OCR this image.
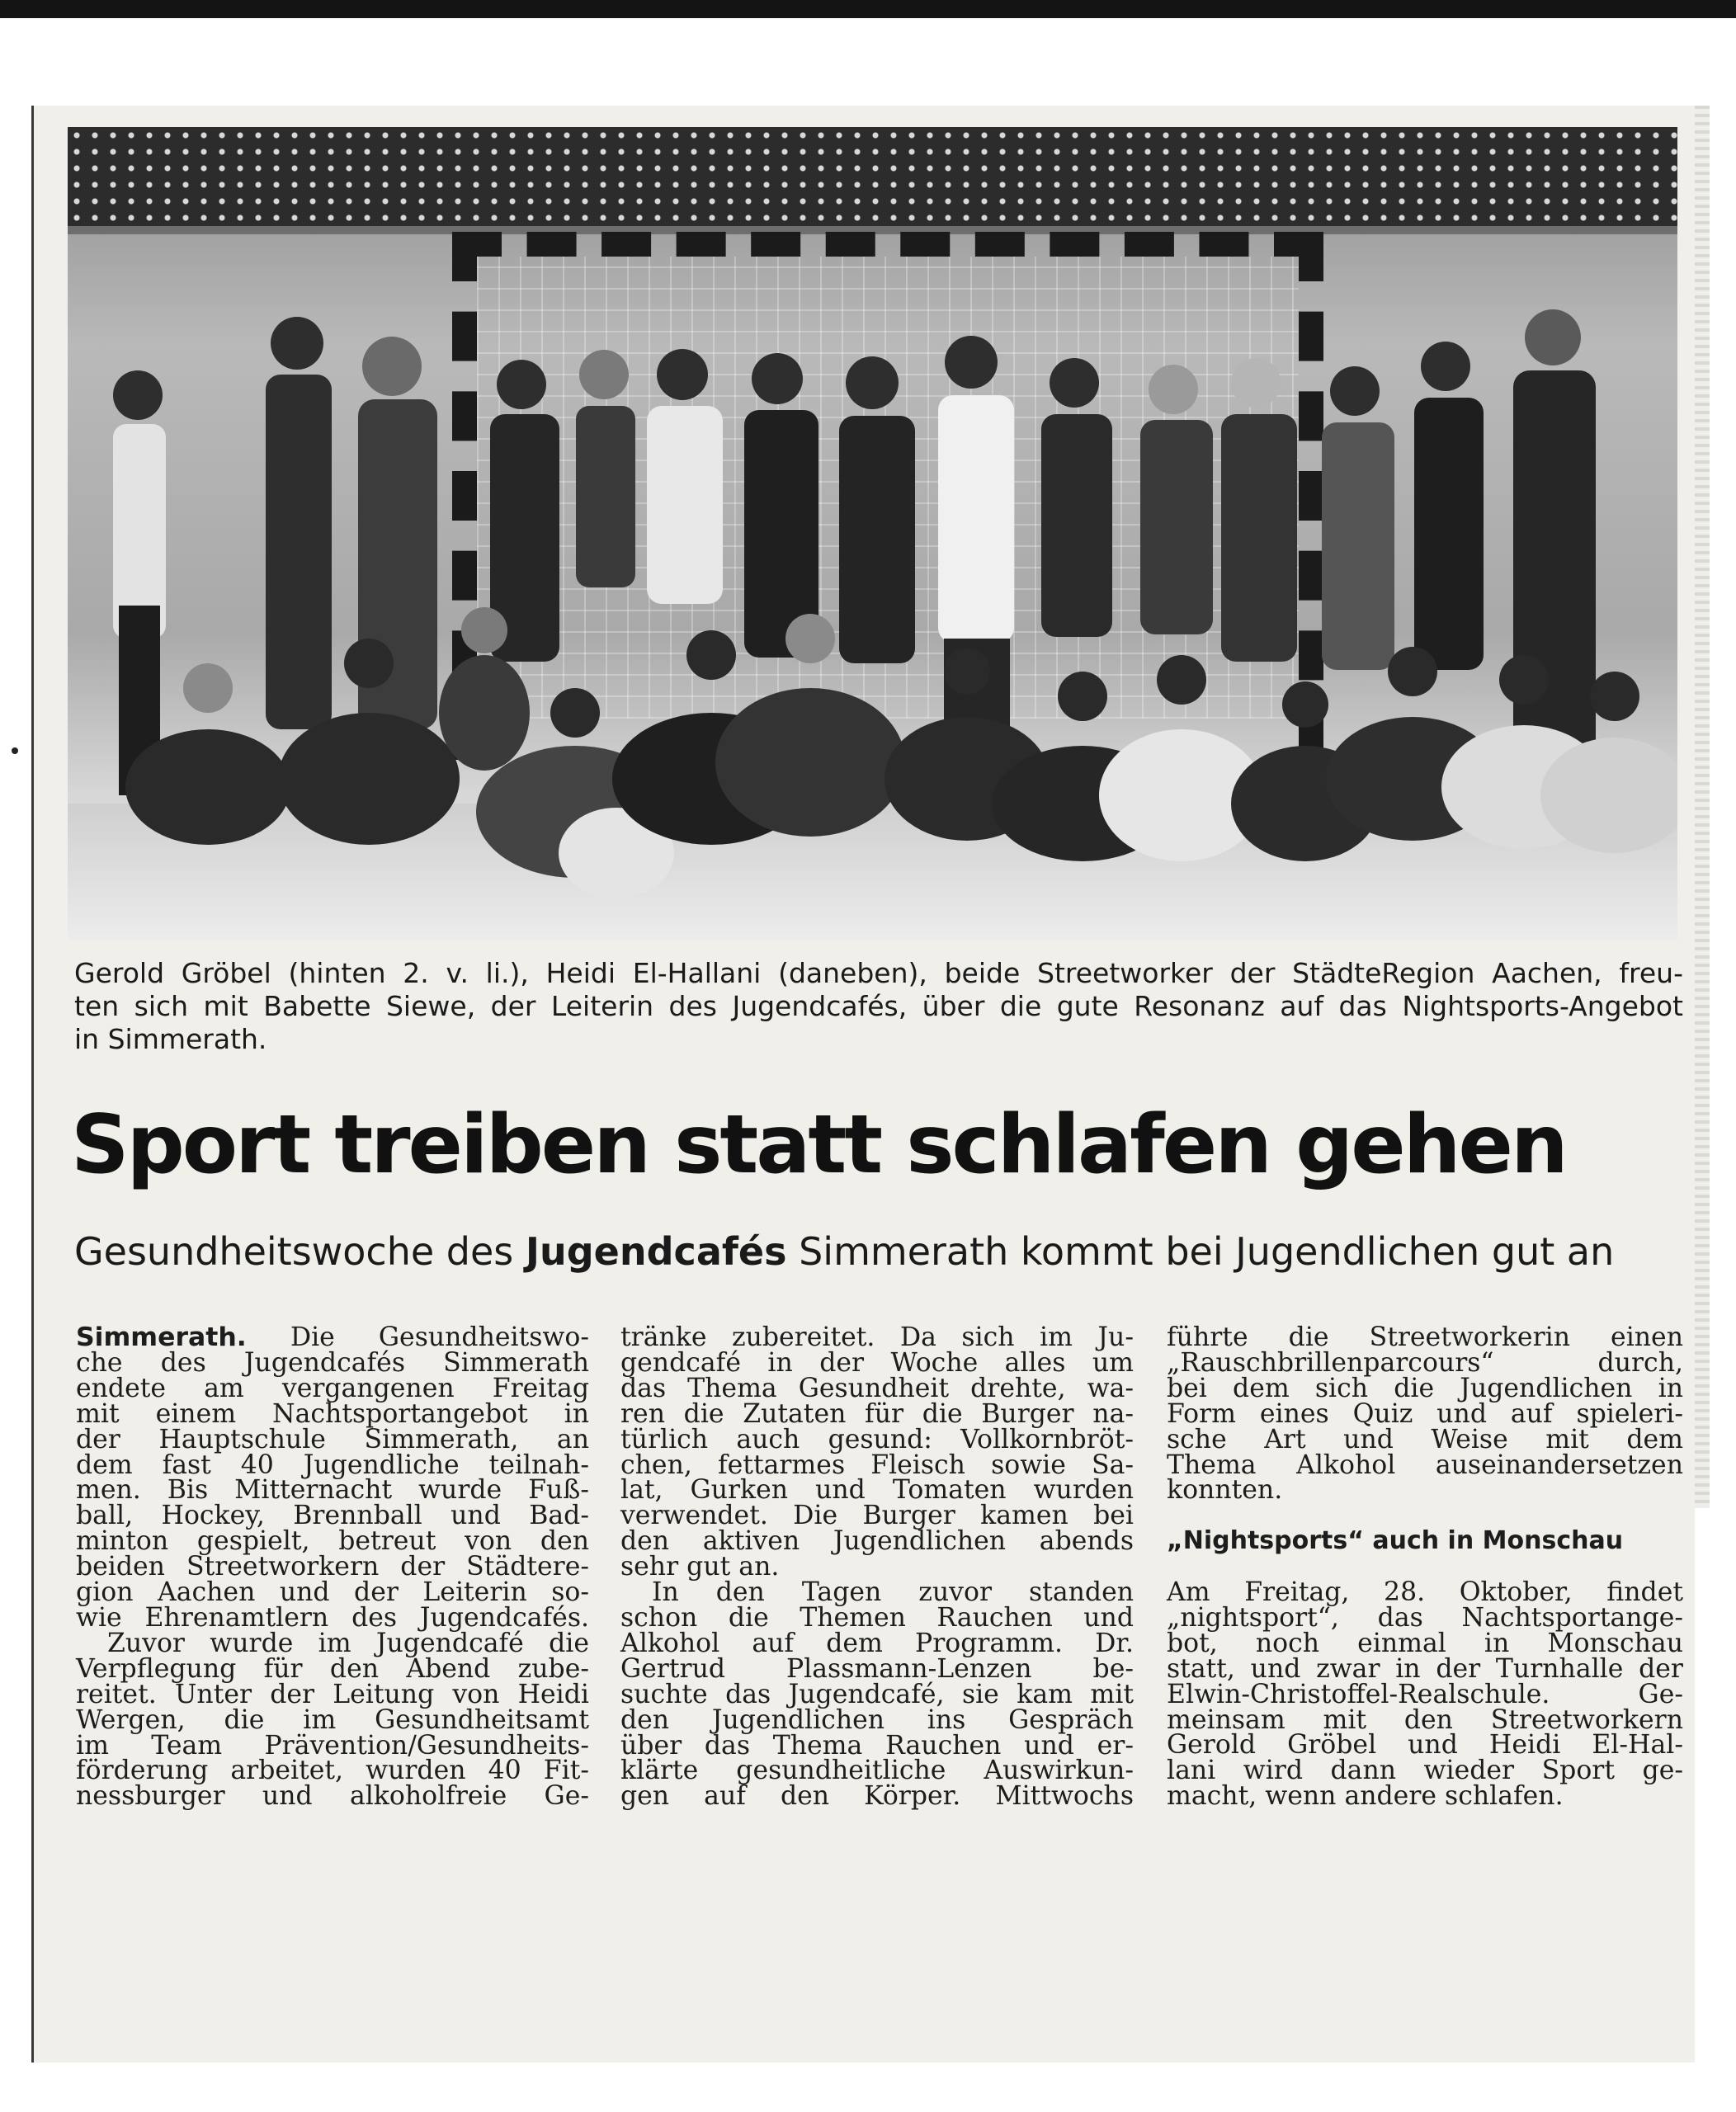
Gerold Gröbel (hinten 2. v. li.), Heidi El-Hallani (daneben), beide Streetworker der StädteRegion Aachen, freu-
ten sich mit Babette Siewe, der Leiterin des Jugendcafés, über die gute Resonanz auf das Nightsports-Angebot
in Simmerath.
Sport treiben statt schlafen gehen
Gesundheitswoche des Jugendcafés Simmerath kommt bei Jugendlichen gut an
Simmerath. Die Gesundheitswo-
che des Jugendcafés Simmerath
endete am vergangenen Freitag
mit einem Nachtsportangebot in
der Hauptschule Simmerath, an
dem fast 40 Jugendliche teilnah-
men. Bis Mitternacht wurde Fuß-
ball, Hockey, Brennball und Bad-
minton gespielt, betreut von den
beiden Streetworkern der Städtere-
gion Aachen und der Leiterin so-
wie Ehrenamtlern des Jugendcafés.
Zuvor wurde im Jugendcafé die
Verpflegung für den Abend zube-
reitet. Unter der Leitung von Heidi
Wergen, die im Gesundheitsamt
im Team Prävention/Gesundheits-
förderung arbeitet, wurden 40 Fit-
nessburger und alkoholfreie Ge-
tränke zubereitet. Da sich im Ju-
gendcafé in der Woche alles um
das Thema Gesundheit drehte, wa-
ren die Zutaten für die Burger na-
türlich auch gesund: Vollkornbröt-
chen, fettarmes Fleisch sowie Sa-
lat, Gurken und Tomaten wurden
verwendet. Die Burger kamen bei
den aktiven Jugendlichen abends
sehr gut an.
In den Tagen zuvor standen
schon die Themen Rauchen und
Alkohol auf dem Programm. Dr.
Gertrud Plassmann-Lenzen be-
suchte das Jugendcafé, sie kam mit
den Jugendlichen ins Gespräch
über das Thema Rauchen und er-
klärte gesundheitliche Auswirkun-
gen auf den Körper. Mittwochs
führte die Streetworkerin einen
„Rauschbrillenparcours“ durch,
bei dem sich die Jugendlichen in
Form eines Quiz und auf spieleri-
sche Art und Weise mit dem
Thema Alkohol auseinandersetzen
konnten.
„Nightsports“ auch in Monschau
Am Freitag, 28. Oktober, findet
„nightsport“, das Nachtsportange-
bot, noch einmal in Monschau
statt, und zwar in der Turnhalle der
Elwin-Christoffel-Realschule. Ge-
meinsam mit den Streetworkern
Gerold Gröbel und Heidi El-Hal-
lani wird dann wieder Sport ge-
macht, wenn andere schlafen.
